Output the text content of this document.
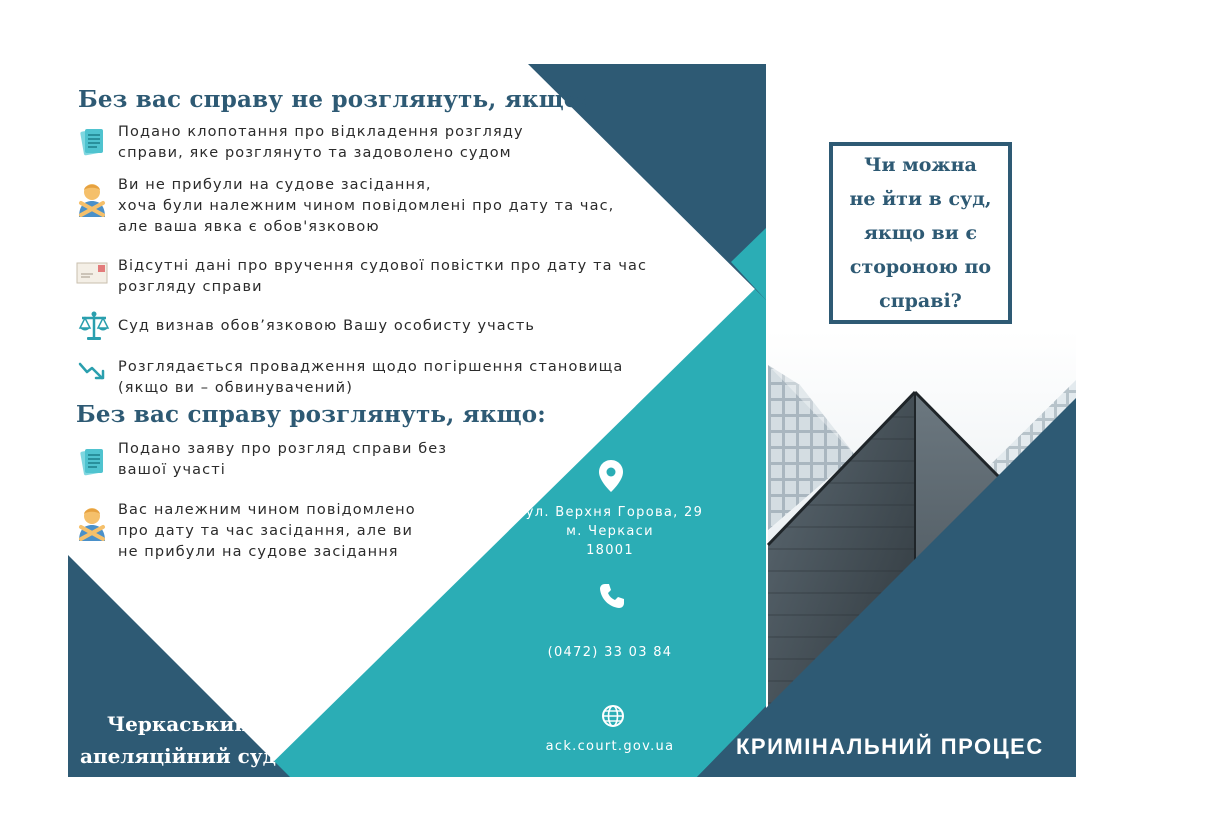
Без вас справу не розглянуть, якщо:
Подано клопотання про відкладення розгляду
справи, яке розглянуто та задоволено судом
Ви не прибули на судове засідання,
хоча були належним чином повідомлені про дату та час,
але ваша явка є обов'язковою
Відсутні дані про вручення судової повістки про дату та час
розгляду справи
Суд визнав обов’язковою Вашу особисту участь
Розглядається провадження щодо погіршення становища
(якщо ви – обвинувачений)
Без вас справу розглянуть, якщо:
Подано заяву про розгляд справи без
вашої участі
Вас належним чином повідомлено
про дату та час засідання, але ви
не прибули на судове засідання
вул. Верхня Горова, 29
м. Черкаси
18001
(0472) 33 03 84
ack.court.gov.ua
Черкаський
апеляційний суд
Чи можна
не йти в суд,
якщо ви є
стороною по
справі?
КРИМІНАЛЬНИЙ ПРОЦЕС
